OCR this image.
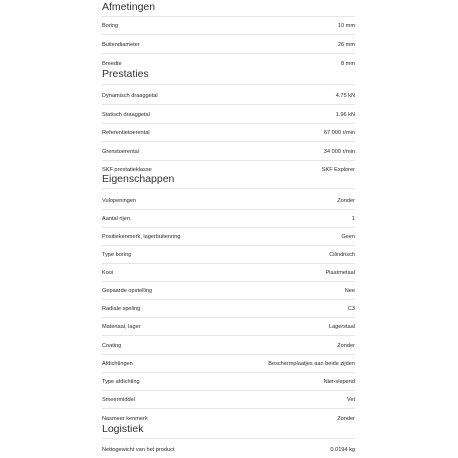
Afmetingen
Boring	10 mm
Buitendiameter	26 mm
Breedte	8 mm
Prestaties
Dynamisch draaggetal	4.75 kN
Statisch draaggetal	1.96 kN
Referentietoerental	67 000 r/min
Grenstoerental	34 000 r/min
SKF prestatieklasse	SKF Explorer
Eigenschappen
Vulopeningen	Zonder
Aantal rijen	1
Positiekenmerk, lagerbuitenring	Geen
Type boring	Cilindrisch
Kooi	Plaatmetaal
Gepaarde opstelling	Nee
Radiale speling	C3
Materiaal, lager	Lagerstaal
Coating	Zonder
Afdichtingen	Beschermplaatjes aan beide zijden
Type afdichting	Niet-slepend
Smeermiddel	Vet
Nasmeer kenmerk	Zonder
Logistiek
Nettogewicht van het product	0.0194 kg
